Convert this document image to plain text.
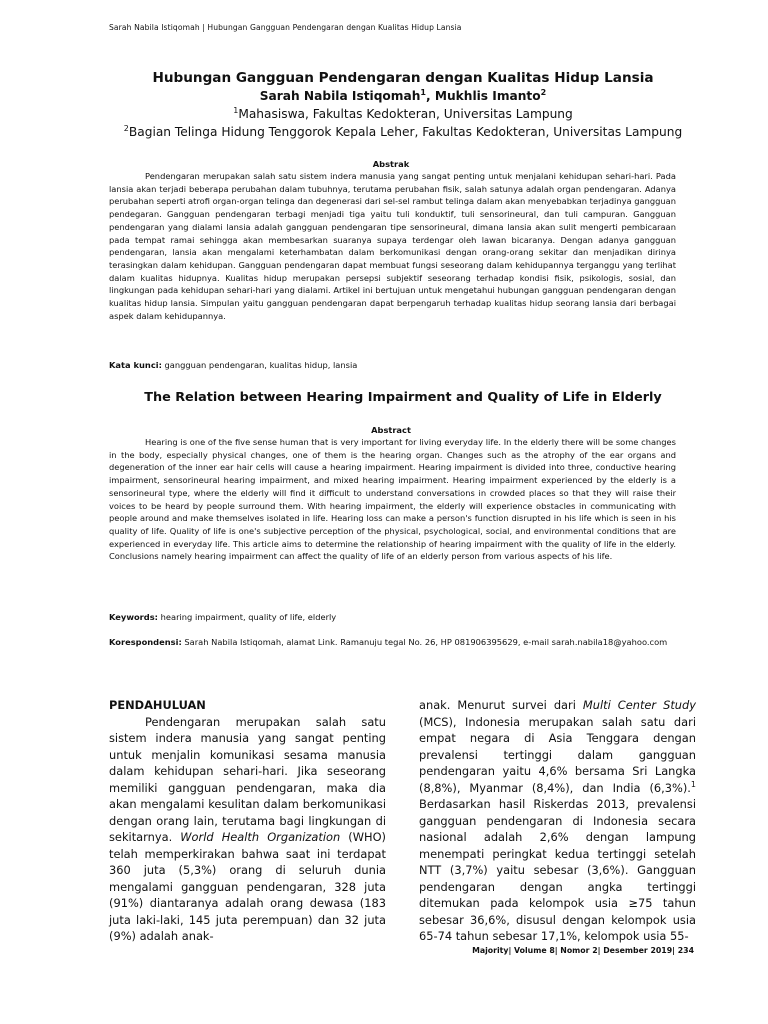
Sarah Nabila Istiqomah | Hubungan Gangguan Pendengaran dengan Kualitas Hidup Lansia
Hubungan Gangguan Pendengaran dengan Kualitas Hidup Lansia
Sarah Nabila Istiqomah$^1$, Mukhlis Imanto$^2$
$^1$Mahasiswa, Fakultas Kedokteran, Universitas Lampung
$^2$Bagian Telinga Hidung Tenggorok Kepala Leher, Fakultas Kedokteran, Universitas Lampung
Abstrak
Pendengaran merupakan salah satu sistem indera manusia yang sangat penting untuk menjalani kehidupan sehari-hari. Pada lansia akan terjadi beberapa perubahan dalam tubuhnya, terutama perubahan fisik, salah satunya adalah organ pendengaran. Adanya perubahan seperti atrofi organ-organ telinga dan degenerasi dari sel-sel rambut telinga dalam akan menyebabkan terjadinya gangguan pendegaran. Gangguan pendengaran terbagi menjadi tiga yaitu tuli konduktif, tuli sensorineural, dan tuli campuran. Gangguan pendengaran yang dialami lansia adalah gangguan pendengaran tipe sensorineural, dimana lansia akan sulit mengerti pembicaraan pada tempat ramai sehingga akan membesarkan suaranya supaya terdengar oleh lawan bicaranya. Dengan adanya gangguan pendengaran, lansia akan mengalami keterhambatan dalam berkomunikasi dengan orang-orang sekitar dan menjadikan dirinya terasingkan dalam kehidupan. Gangguan pendengaran dapat membuat fungsi seseorang dalam kehidupannya terganggu yang terlihat dalam kualitas hidupnya. Kualitas hidup merupakan persepsi subjektif seseorang terhadap kondisi fisik, psikologis, sosial, dan lingkungan pada kehidupan sehari-hari yang dialami. Artikel ini bertujuan untuk mengetahui hubungan gangguan pendengaran dengan kualitas hidup lansia. Simpulan yaitu gangguan pendengaran dapat berpengaruh terhadap kualitas hidup seorang lansia dari berbagai aspek dalam kehidupannya.
Kata kunci: gangguan pendengaran, kualitas hidup, lansia
The Relation between Hearing Impairment and Quality of Life in Elderly
Abstract
Hearing is one of the five sense human that is very important for living everyday life. In the elderly there will be some changes in the body, especially physical changes, one of them is the hearing organ. Changes such as the atrophy of the ear organs and degeneration of the inner ear hair cells will cause a hearing impairment. Hearing impairment is divided into three, conductive hearing impairment, sensorineural hearing impairment, and mixed hearing impairment. Hearing impairment experienced by the elderly is a sensorineural type, where the elderly will find it difficult to understand conversations in crowded places so that they will raise their voices to be heard by people surround them. With hearing impairment, the elderly will experience obstacles in communicating with people around and make themselves isolated in life. Hearing loss can make a person's function disrupted in his life which is seen in his quality of life. Quality of life is one's subjective perception of the physical, psychological, social, and environmental conditions that are experienced in everyday life. This article aims to determine the relationship of hearing impairment with the quality of life in the elderly. Conclusions namely hearing impairment can affect the quality of life of an elderly person from various aspects of his life.
Keywords: hearing impairment, quality of life, elderly
Korespondensi: Sarah Nabila Istiqomah, alamat Link. Ramanuju tegal No. 26, HP 081906395629, e-mail sarah.nabila18@yahoo.com
PENDAHULUAN

Pendengaran merupakan salah satu sistem indera manusia yang sangat penting untuk menjalin komunikasi sesama manusia dalam kehidupan sehari-hari. Jika seseorang memiliki gangguan pendengaran, maka dia akan mengalami kesulitan dalam berkomunikasi dengan orang lain, terutama bagi lingkungan di sekitarnya. World Health Organization (WHO) telah memperkirakan bahwa saat ini terdapat 360 juta (5,3%) orang di seluruh dunia mengalami gangguan pendengaran, 328 juta (91%) diantaranya adalah orang dewasa (183 juta laki-laki, 145 juta perempuan) dan 32 juta (9%) adalah anak-

anak. Menurut survei dari Multi Center Study (MCS), Indonesia merupakan salah satu dari empat negara di Asia Tenggara dengan prevalensi tertinggi dalam gangguan pendengaran yaitu 4,6% bersama Sri Langka (8,8%), Myanmar (8,4%), dan India (6,3%).$^1$ Berdasarkan hasil Riskerdas 2013, prevalensi gangguan pendengaran di Indonesia secara nasional adalah 2,6% dengan lampung menempati peringkat kedua tertinggi setelah NTT (3,7%) yaitu sebesar (3,6%). Gangguan pendengaran dengan angka tertinggi ditemukan pada kelompok usia ≥75 tahun sebesar 36,6%, disusul dengan kelompok usia 65-74 tahun sebesar 17,1%, kelompok usia 55-

Majority| Volume 8| Nomor 2| Desember 2019| 234
